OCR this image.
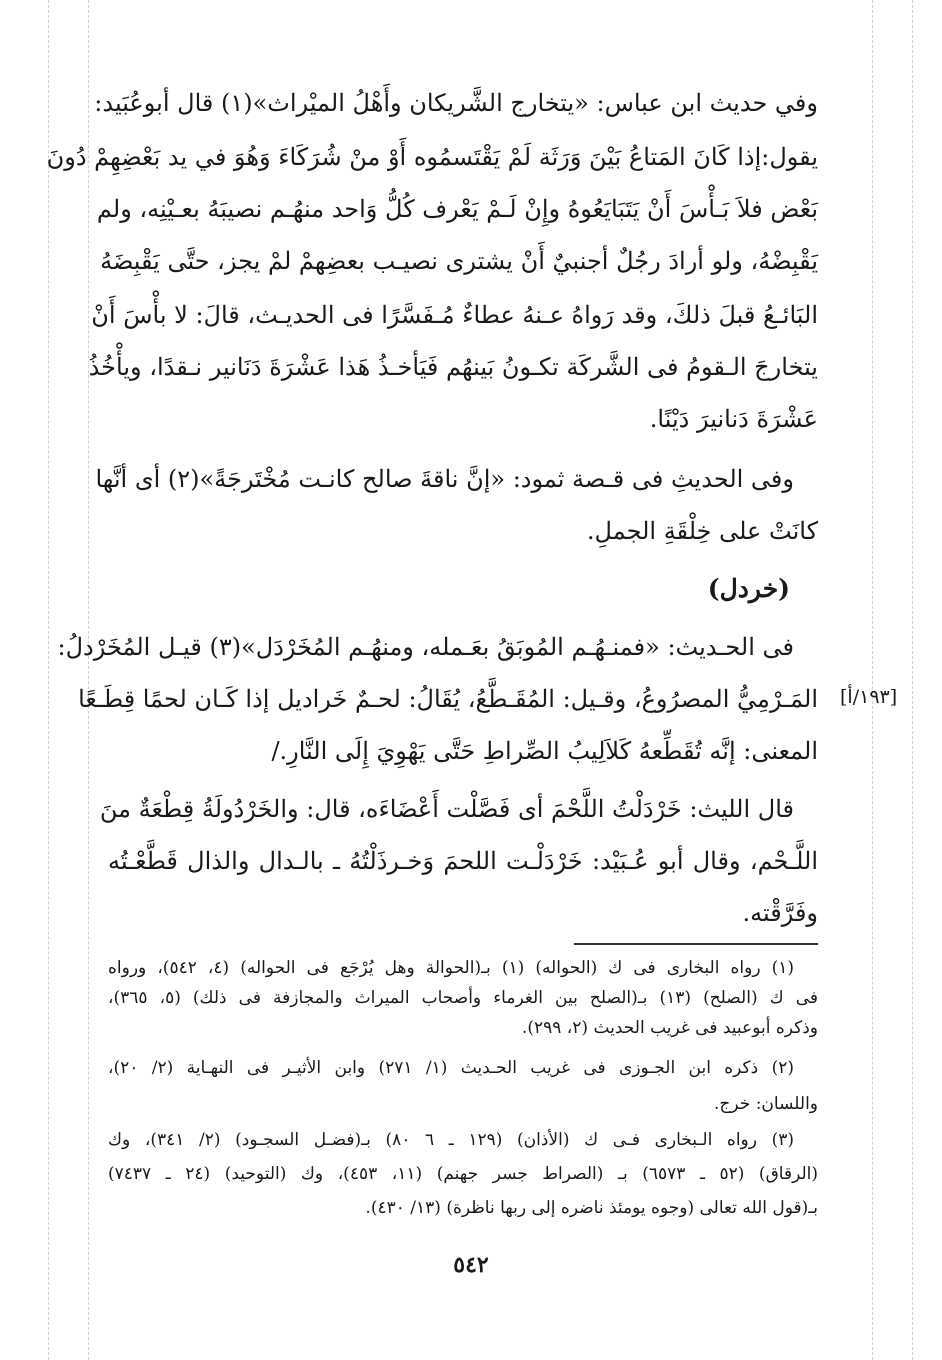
وفي حديث ابن عباس: «يتخارج الشَّريكان وأَهْلُ الميْراث»(١) قال أبوعُبَيد:
يقول:إذا كَانَ المَتاعُ بَيْنَ وَرَثَة لَمْ يَقْتَسمُوه أَوْ منْ شُرَكَاءَ وَهُوَ في يد بَعْضِهِمْ دُونَ
بَعْض فلاَ بَـأْسَ أَنْ يَتَبَايَعُوهُ وإِنْ لَـمْ يَعْرف كُلُّ وَاحد منهُـم نصيبَهُ بعـيْنِه، ولم
يَقْبِضْهُ، ولو أرادَ رجُلٌ أجنبيٌ أَنْ يشترى نصيـب بعضِهمْ لمْ يجز، حتَّى يَقْبِضَهُ
البَائـعُ قبلَ ذلكَ، وقد رَواهُ عـنهُ عطاءٌ مُـفَسَّرًا فى الحديـث، قالَ: لا بأْسَ أَنْ
يتخارجَ الـقومُ فى الشَّركَة تكـونُ بَينهُم فَيَأخـذُ هَذا عَشْرَةَ دَنَانير نـقدًا، ويأْخُذُ
عَشْرَةَ دَنانيرَ دَيْنًا.
وفى الحديثِ فى قـصة ثمود: «إنَّ ناقةَ صالح كانـت مُخْتَرجَةً»(٢) أى أنَّها
كانَتْ على خِلْقَةِ الجملِ.
(خردل)
فى الحـديث: «فمنـهُـم المُوبَقُ بعَـمله، ومنهُـم المُخَرْدَل»(٣) قيـل المُخَرْدلُ:
المَـرْمِيُّ المصرُوعُ، وقـيل: المُقَـطَّعُ، يُقَالُ: لحـمٌ خَراديل إذا كَـان لحمًا قِطَـعًا
المعنى: إنَّه تُقَطِّعهُ كَلاَلِيبُ الصِّراطِ حَتَّى يَهْوِيَ إِلَى النَّارِ./
[١٩٣/أ]
قال الليث: خَرْدَلْتُ اللَّحْمَ أى فَصَّلْت أَعْضَاءَه، قال: والخَرْدُولَةُ قِطْعَةٌ منَ
اللَّـحْم، وقال أبو عُـبَيْد: خَرْدَلْـت اللحمَ وَخـرذَلْتُهُ ـ بالـدال والذال قَطَّعْـتُه
وفَرَّقْته.
(١) رواه البخارى فى ك (الحواله) (١) بـ(الحوالة وهل يُرْجَع فى الحواله) (٤، ٥٤٢)، ورواه
فى ك (الصلح) (١٣) بـ(الصلح بين الغرماء وأصحاب الميراث والمجازفة فى ذلك) (٥، ٣٦٥)،
وذكره أبوعبيد فى غريب الحديث (٢، ٢٩٩).
(٢) ذكره ابن الجـوزى فى غريب الحـديث (١/ ٢٧١) وابن الأثيـر فى النهـاية (٢/ ٢٠)،
واللسان: خرج.
(٣) رواه الـبخارى فـى ك (الأذان) (١٢٩ ـ ٦ ٨٠) بـ(فضـل السجـود) (٢/ ٣٤١)، وك
(الرقاق) (٥٢ ـ ٦٥٧٣) بـ (الصراط جسر جهنم) (١١، ٤٥٣)، وك (التوحيد) (٢٤ ـ ٧٤٣٧)
بـ(قول الله تعالى (وجوه يومئذ ناضره إلى ربها ناظرة) (١٣/ ٤٣٠).
٥٤٢
